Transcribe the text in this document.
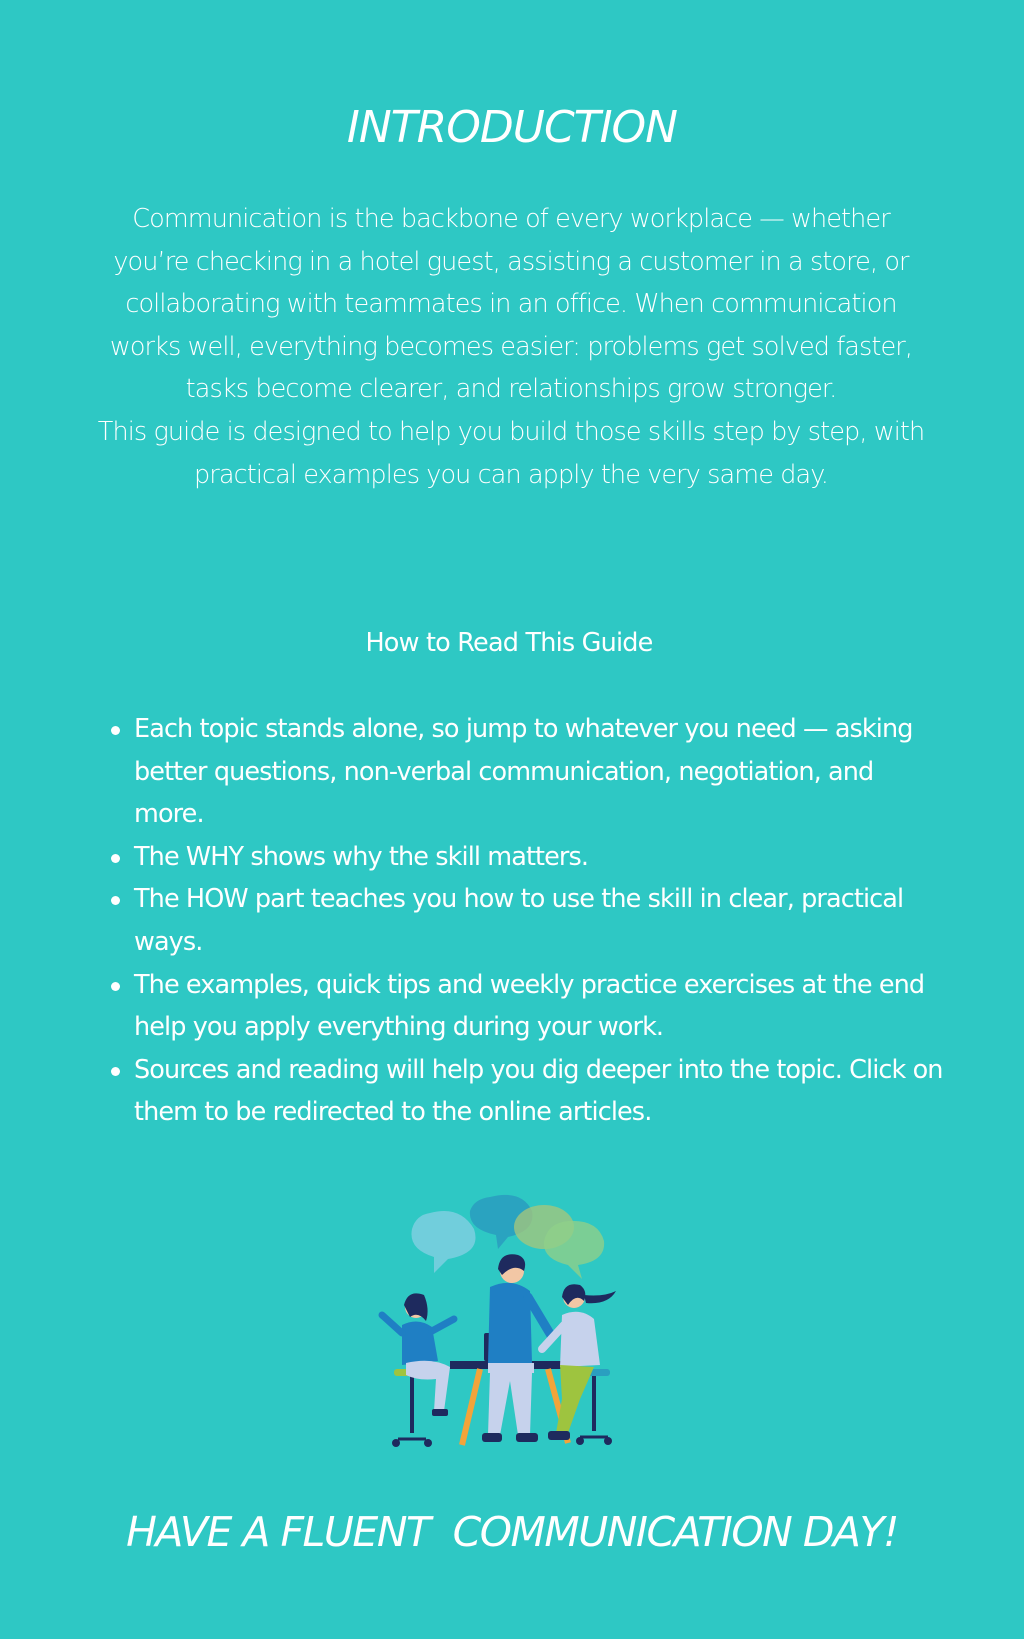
INTRODUCTION

Communication is the backbone of every workplace — whether you’re checking in a hotel guest, assisting a customer in a store, or collaborating with teammates in an office. When communication works well, everything becomes easier: problems get solved faster, tasks become clearer, and relationships grow stronger.

This guide is designed to help you build those skills step by step, with practical examples you can apply the very same day.

How to Read This Guide
Each topic stands alone, so jump to whatever you need — asking better questions, non-verbal communication, negotiation, and more.
The WHY shows why the skill matters.
The HOW part teaches you how to use the skill in clear, practical ways.
The examples, quick tips and weekly practice exercises at the end help you apply everything during your work.
Sources and reading will help you dig deeper into the topic. Click on them to be redirected to the online articles.
HAVE A FLUENT  COMMUNICATION DAY!
